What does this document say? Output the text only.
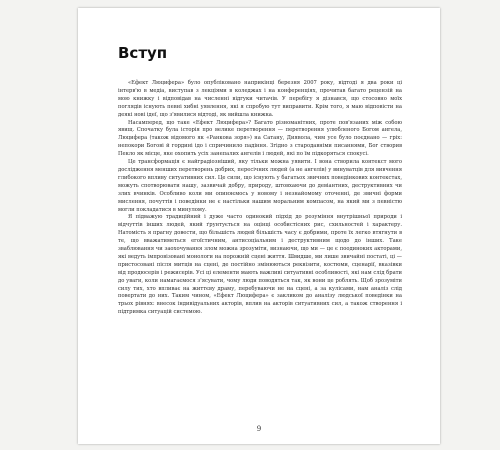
Вступ

«Ефект Люцифера» було опубліковано наприкінці березня 2007 року, відтоді я два роки ці інтерв'ю в медіа, виступав з лекціями в коледжах і на конференціях, прочитав багато рецензій на мою книжку і відповідав на численні відгуки читачів. У перебігу я дізнався, що стосовно моїх поглядів існують певні хибні уявлення, які я спробую тут виправити. Крім того, я маю відповісти на деякі нові ідеї, що з'явилися відтоді, як вийшла книжка.

Насамперед, що таке «Ефект Люцифера»? Багато різноманітних, проте пов'язаних між собою явищ. Спочатку була історія про велике перетворення — перетворення улюбленого Богом ангела, Люцифера (також відомого як «Ранкова зоря») на Сатану, Диявола, чим усе було поєднано — гріх: непокори Богові й гордині ідо і спричинило падіння. Згідно з стародавніми писаннями, Бог створив Пекло як місце, яке охопить усіх занепалих ангелів і людей, які по їм підкоряться спокусі.

Це трансформація є найградіозніший, яку тільки можна уявити. І вона створила контекст мого дослідження менших перетворень добрих, пересічних людей (а не ангелів) у винуватців для вивчення глибокого впливу ситуативних сил. Це сили, що існують у багатьох звичних поведінкових контекстах, можуть спотворювати нашу, зазвичай добру, природу, штовхаючи до девіантних, деструктивних чи злих вчинків. Особливо коли ми опиняємось у новому і незнайомому оточенні, де звичні форми мислення, почуттів і поведінки не є настільки нашим моральним компасом, на який ми з певністю могли покладатися в минулому.

Я підважую традиційний і дуже часто одинокий підхід до розуміння внутрішньої природи і відчуттів інших людей, який ґрунтується на оцінці особистісних рис, схильностей і характеру. Натомість я прагну довести, що більшість людей більшість часу є добрими, проте їх легко втягнути в те, що вважатиметься егоїстичним, антисоціальним і деструктивним щодо до інших. Таке зваблювання чи заохочування злом можна зрозуміти, визнаючи, що ми — це є поодиноких акторами, які ведуть імпровізовані монологи на порожній сцені життя. Швидше, ми лише звичайні постаті, ці — пристосовані після митців на сцені, де постійно змінюються реквізити, костюми, сценарії, вказівки від продюсерів і режисерів. Усі ці елементи мають важливі ситуативні особливості, які нам слід брати до уваги, коли намагаємося з'ясувати, чому люди поводяться так, як вони це роблять. Щоб зрозуміти силу тих, хто впливає на життєву драму, перебуваючи не на сцені, а за кулісами, нам аналіз слід повертати до них. Таким чином, «Ефект Люцифера» є закликом до аналізу людської поведінки на трьох рівнях: внесок індивідуальних акторів, вплив на акторів ситуативних сил, а також створення і підтримка ситуацій системою.

9
